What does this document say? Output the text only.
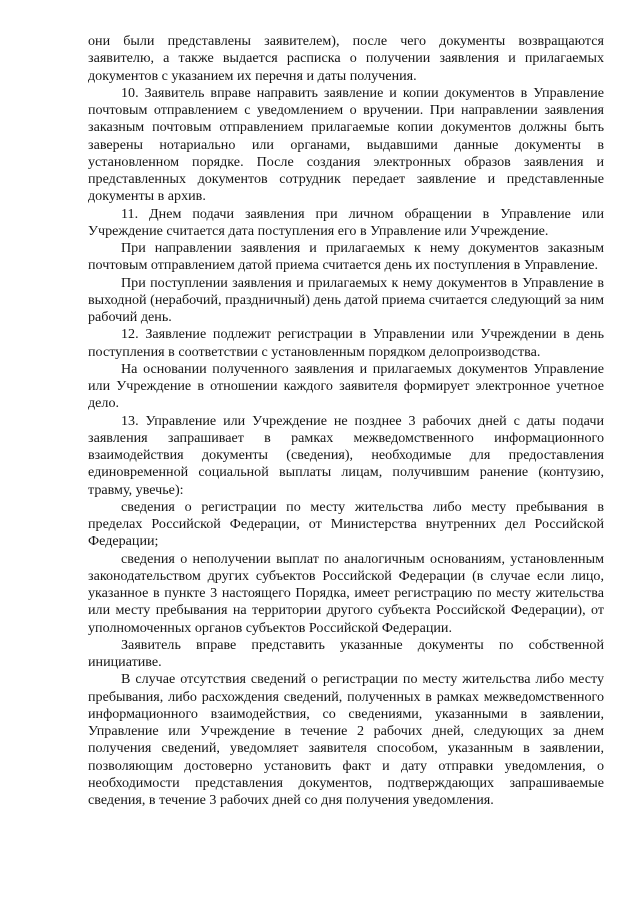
они были представлены заявителем), после чего документы возвращаются заявителю, а также выдается расписка о получении заявления и прилагаемых документов с указанием их перечня и даты получения.

10. Заявитель вправе направить заявление и копии документов в Управление почтовым отправлением с уведомлением о вручении. При направлении заявления заказным почтовым отправлением прилагаемые копии документов должны быть заверены нотариально или органами, выдавшими данные документы в установленном порядке. После создания электронных образов заявления и представленных документов сотрудник передает заявление и представленные документы в архив.

11. Днем подачи заявления при личном обращении в Управление или Учреждение считается дата поступления его в Управление или Учреждение.

При направлении заявления и прилагаемых к нему документов заказным почтовым отправлением датой приема считается день их поступления в Управление.

При поступлении заявления и прилагаемых к нему документов в Управление в выходной (нерабочий, праздничный) день датой приема считается следующий за ним рабочий день.

12. Заявление подлежит регистрации в Управлении или Учреждении в день поступления в соответствии с установленным порядком делопроизводства.

На основании полученного заявления и прилагаемых документов Управление или Учреждение в отношении каждого заявителя формирует электронное учетное дело.

13. Управление или Учреждение не позднее 3 рабочих дней с даты подачи заявления запрашивает в рамках межведомственного информационного взаимодействия документы (сведения), необходимые для предоставления единовременной социальной выплаты лицам, получившим ранение (контузию, травму, увечье):

сведения о регистрации по месту жительства либо месту пребывания в пределах Российской Федерации, от Министерства внутренних дел Российской Федерации;

сведения о неполучении выплат по аналогичным основаниям, установленным законодательством других субъектов Российской Федерации (в случае если лицо, указанное в пункте 3 настоящего Порядка, имеет регистрацию по месту жительства или месту пребывания на территории другого субъекта Российской Федерации), от уполномоченных органов субъектов Российской Федерации.

Заявитель вправе представить указанные документы по собственной инициативе.

В случае отсутствия сведений о регистрации по месту жительства либо месту пребывания, либо расхождения сведений, полученных в рамках межведомственного информационного взаимодействия, со сведениями, указанными в заявлении, Управление или Учреждение в течение 2 рабочих дней, следующих за днем получения сведений, уведомляет заявителя способом, указанным в заявлении, позволяющим достоверно установить факт и дату отправки уведомления, о необходимости представления документов, подтверждающих запрашиваемые сведения, в течение 3 рабочих дней со дня получения уведомления.
